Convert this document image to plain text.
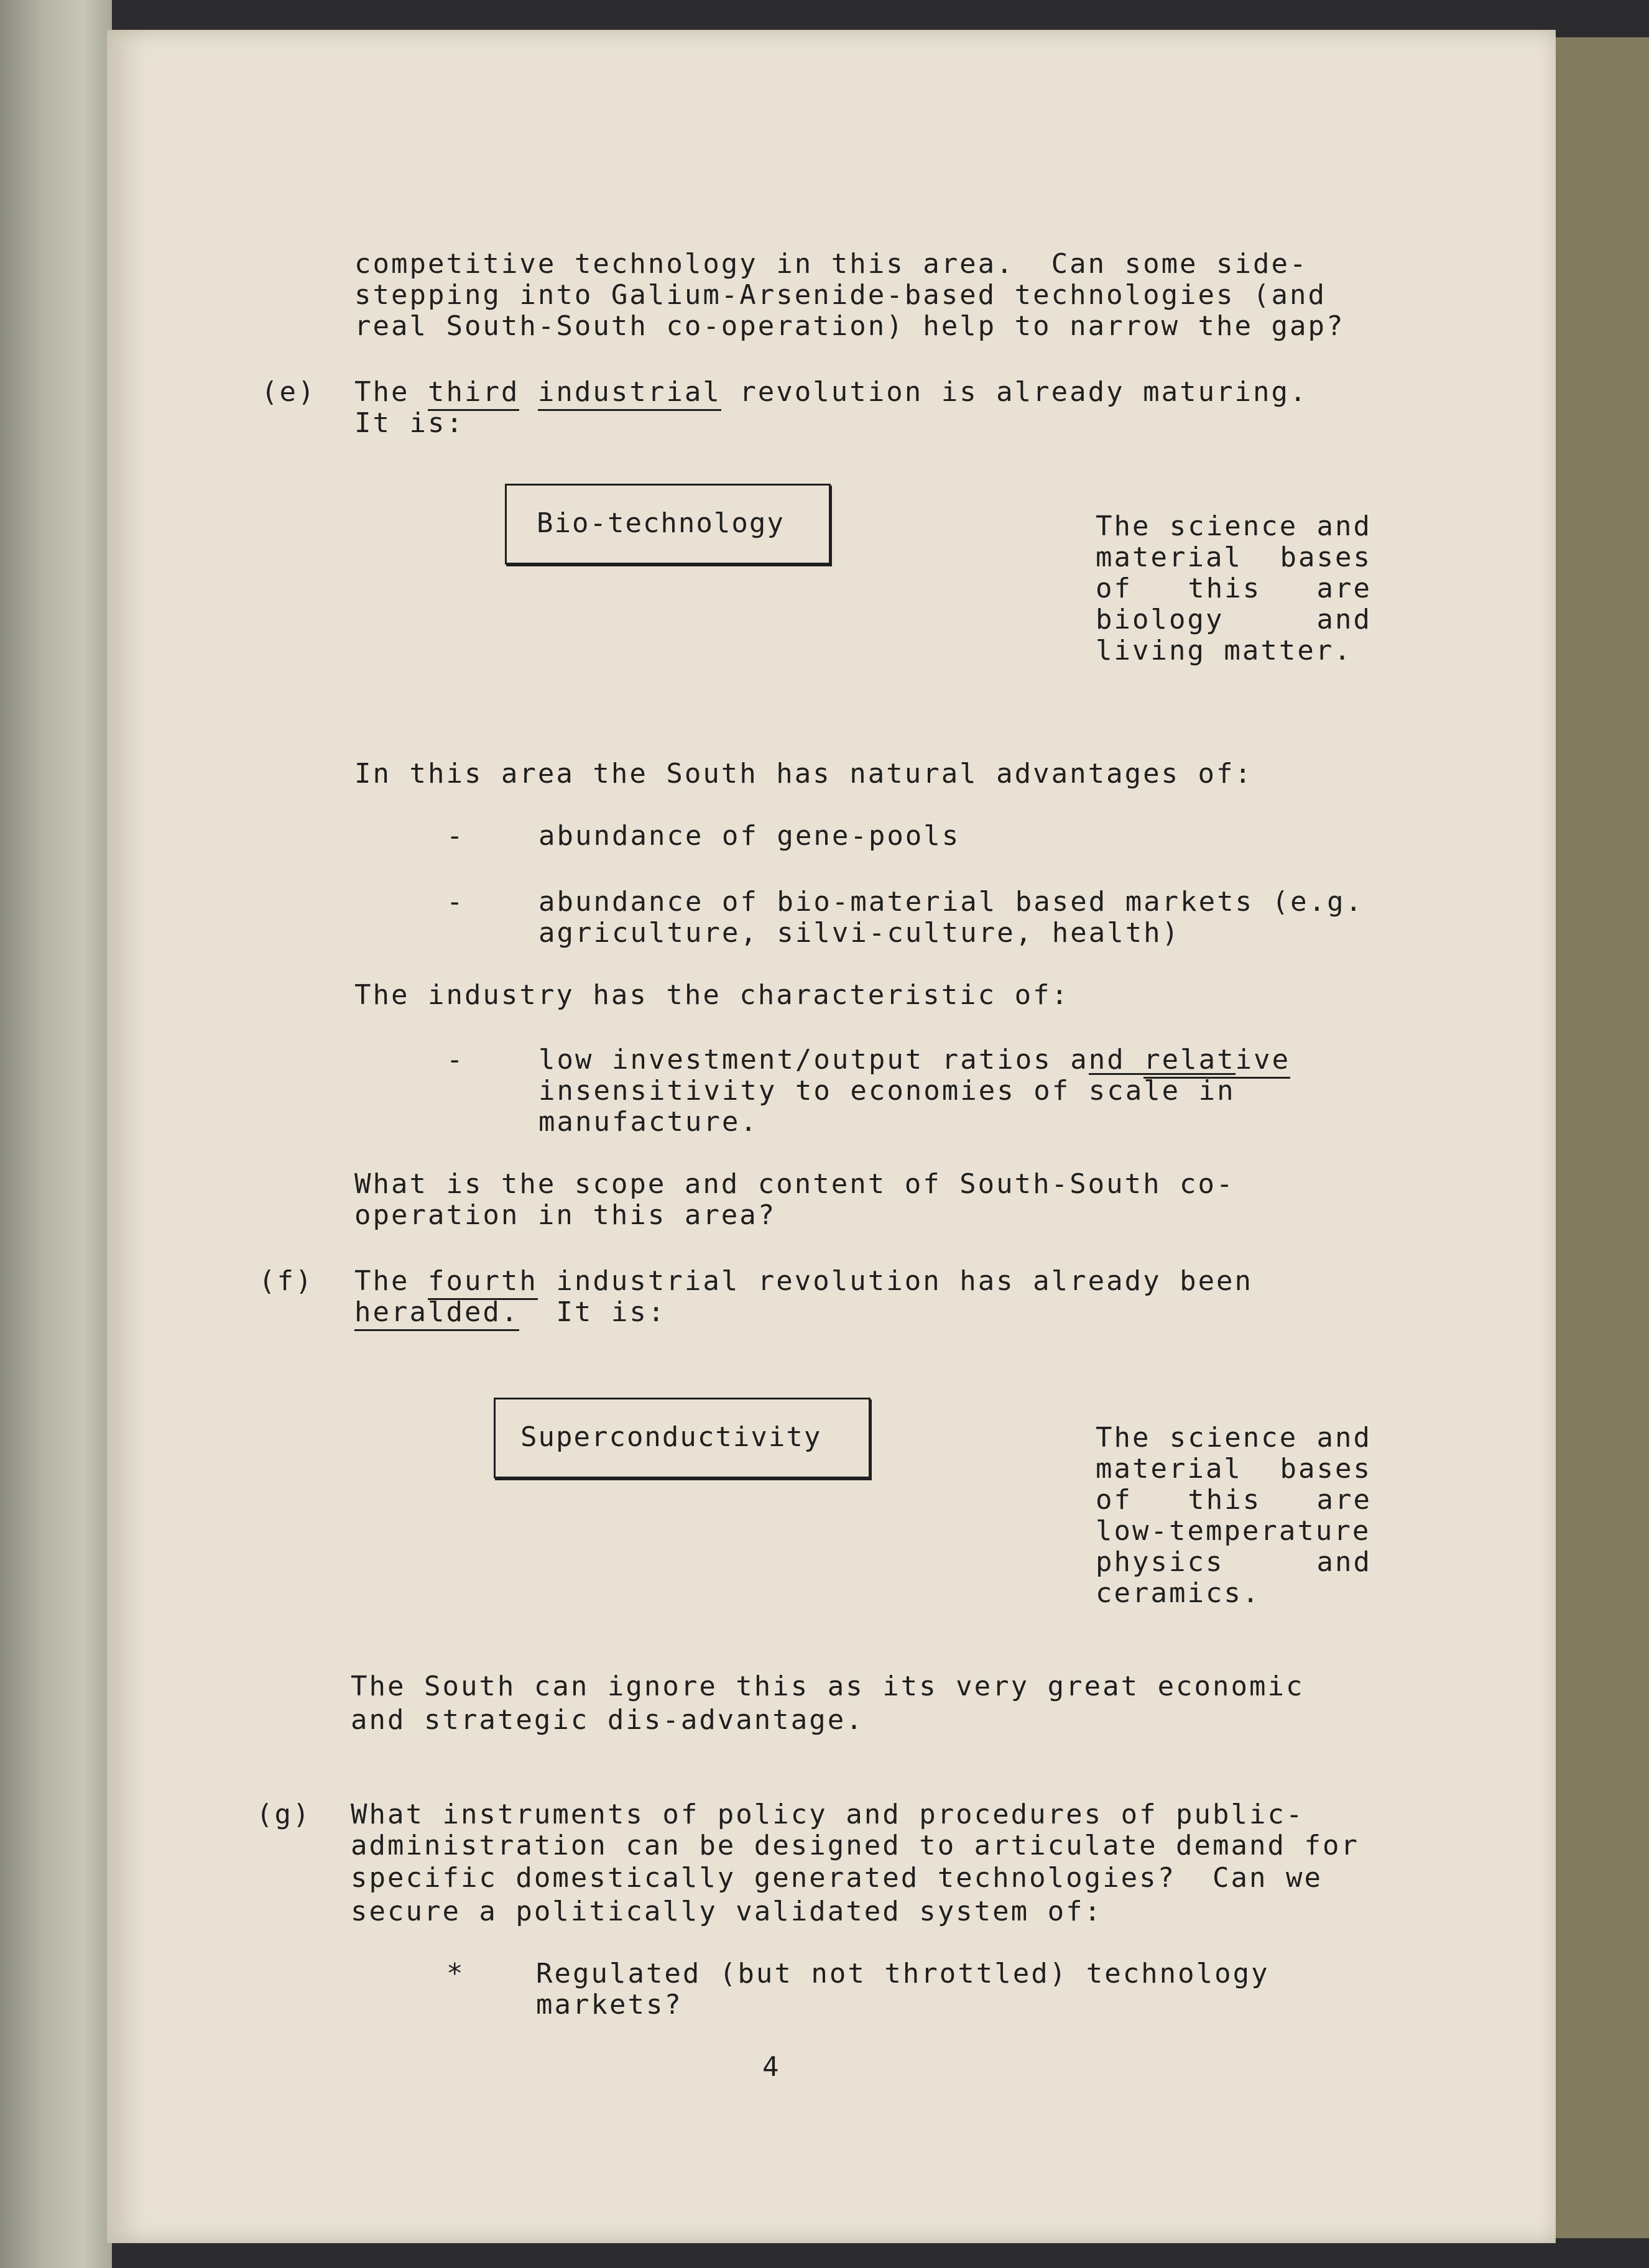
competitive technology in this area.  Can some side-
stepping into Galium-Arsenide-based technologies (and
real South-South co-operation) help to narrow the gap?
(e) The third industrial revolution is already maturing.
It is:
Bio-technology	The science and
material bases
of this are
biology and
living matter.
In this area the South has natural advantages of:
-	abundance of gene-pools
-	abundance of bio-material based markets (e.g.
agriculture, silvi-culture, health)
The industry has the characteristic of:
-	low investment/output ratios and relative
insensitivity to economies of scale in
manufacture.
What is the scope and content of South-South co-
operation in this area?
(f) The fourth industrial revolution has already been
heralded.  It is:
Superconductivity	The science and
material bases
of this are
low-temperature
physics and
ceramics.
The South can ignore this as its very great economic
and strategic dis-advantage.
(g) What instruments of policy and procedures of public-
administration can be designed to articulate demand for
specific domestically generated technologies?  Can we
secure a politically validated system of:
*	Regulated (but not throttled) technology
markets?
4
